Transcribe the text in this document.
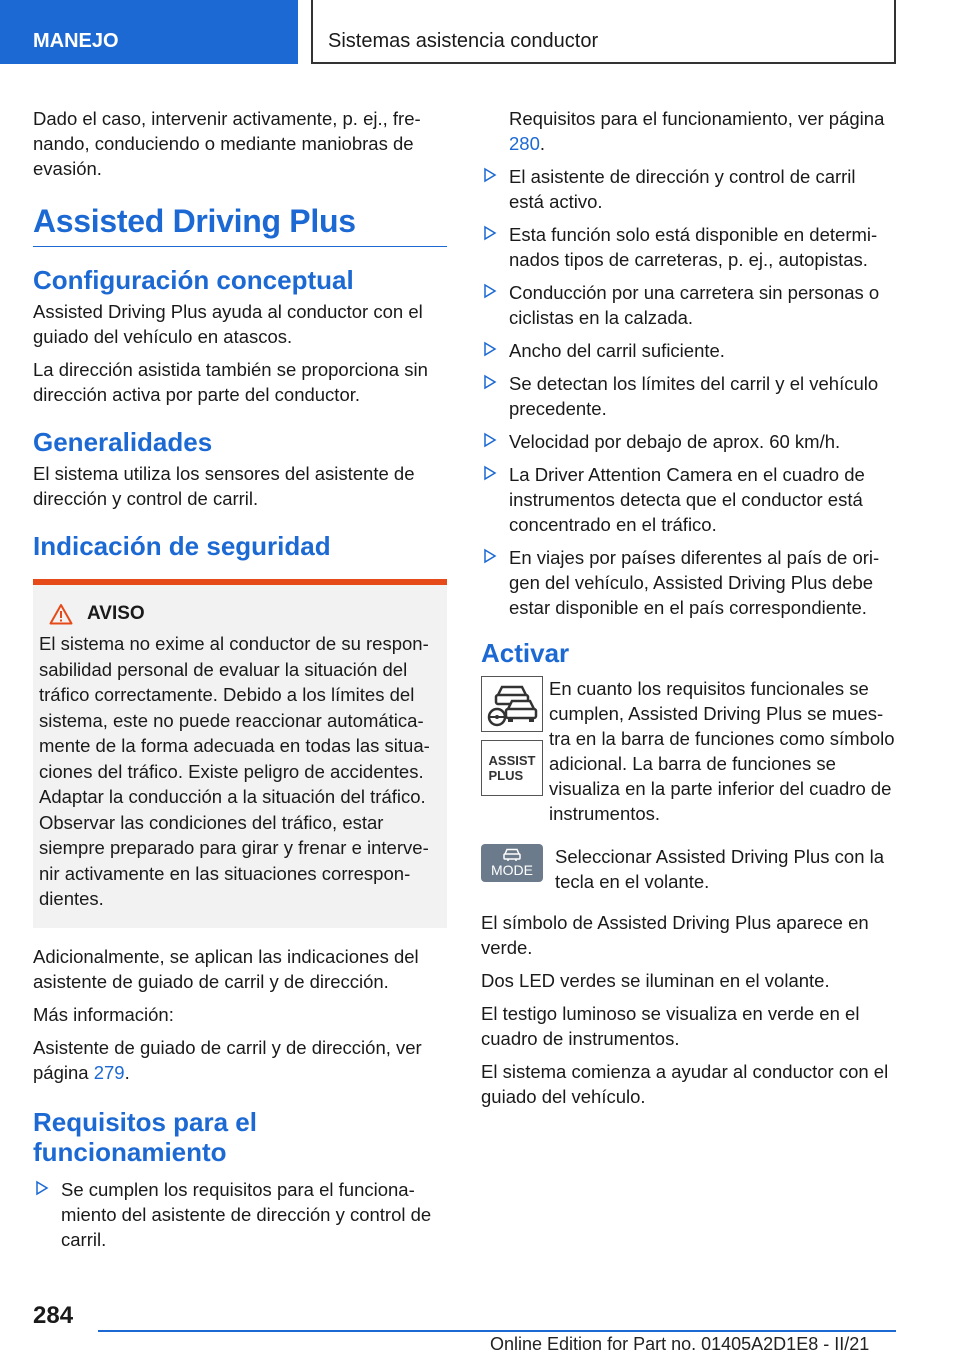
MANEJO	Sistemas asistencia conductor

Dado el caso, intervenir activamente, p. ej., frenando, conduciendo o mediante maniobras de evasión.

Assisted Driving Plus
Configuración conceptual

Assisted Driving Plus ayuda al conductor con el guiado del vehículo en atascos.

La dirección asistida también se proporciona sin dirección activa por parte del conductor.

Generalidades

El sistema utiliza los sensores del asistente de dirección y control de carril.

Indicación de seguridad
AVISO

El sistema no exime al conductor de su responsabilidad personal de evaluar la situación del tráfico correctamente. Debido a los límites del sistema, este no puede reaccionar automáticamente de la forma adecuada en todas las situaciones del tráfico. Existe peligro de accidentes. Adaptar la conducción a la situación del tráfico. Observar las condiciones del tráfico, estar siempre preparado para girar y frenar e intervenir activamente en las situaciones correspondientes.

Adicionalmente, se aplican las indicaciones del asistente de guiado de carril y de dirección.

Más información:

Asistente de guiado de carril y de dirección, ver página 279.

Requisitos para el funcionamiento
Se cumplen los requisitos para el funcionamiento del asistente de dirección y control de carril.

Requisitos para el funcionamiento, ver página 280.

El asistente de dirección y control de carril está activo.
Esta función solo está disponible en determinados tipos de carreteras, p. ej., autopistas.
Conducción por una carretera sin personas o ciclistas en la calzada.
Ancho del carril suficiente.
Se detectan los límites del carril y el vehículo precedente.
Velocidad por debajo de aprox. 60 km/h.
La Driver Attention Camera en el cuadro de instrumentos detecta que el conductor está concentrado en el tráfico.
En viajes por países diferentes al país de origen del vehículo, Assisted Driving Plus debe estar disponible en el país correspondiente.
Activar
ASSIST
PLUS

En cuanto los requisitos funcionales se cumplen, Assisted Driving Plus se muestra en la barra de funciones como símbolo adicional. La barra de funciones se visualiza en la parte inferior del cuadro de instrumentos.

MODE

Seleccionar Assisted Driving Plus con la tecla en el volante.

El símbolo de Assisted Driving Plus aparece en verde.

Dos LED verdes se iluminan en el volante.

El testigo luminoso se visualiza en verde en el cuadro de instrumentos.

El sistema comienza a ayudar al conductor con el guiado del vehículo.

284
Online Edition for Part no. 01405A2D1E8 - II/21
